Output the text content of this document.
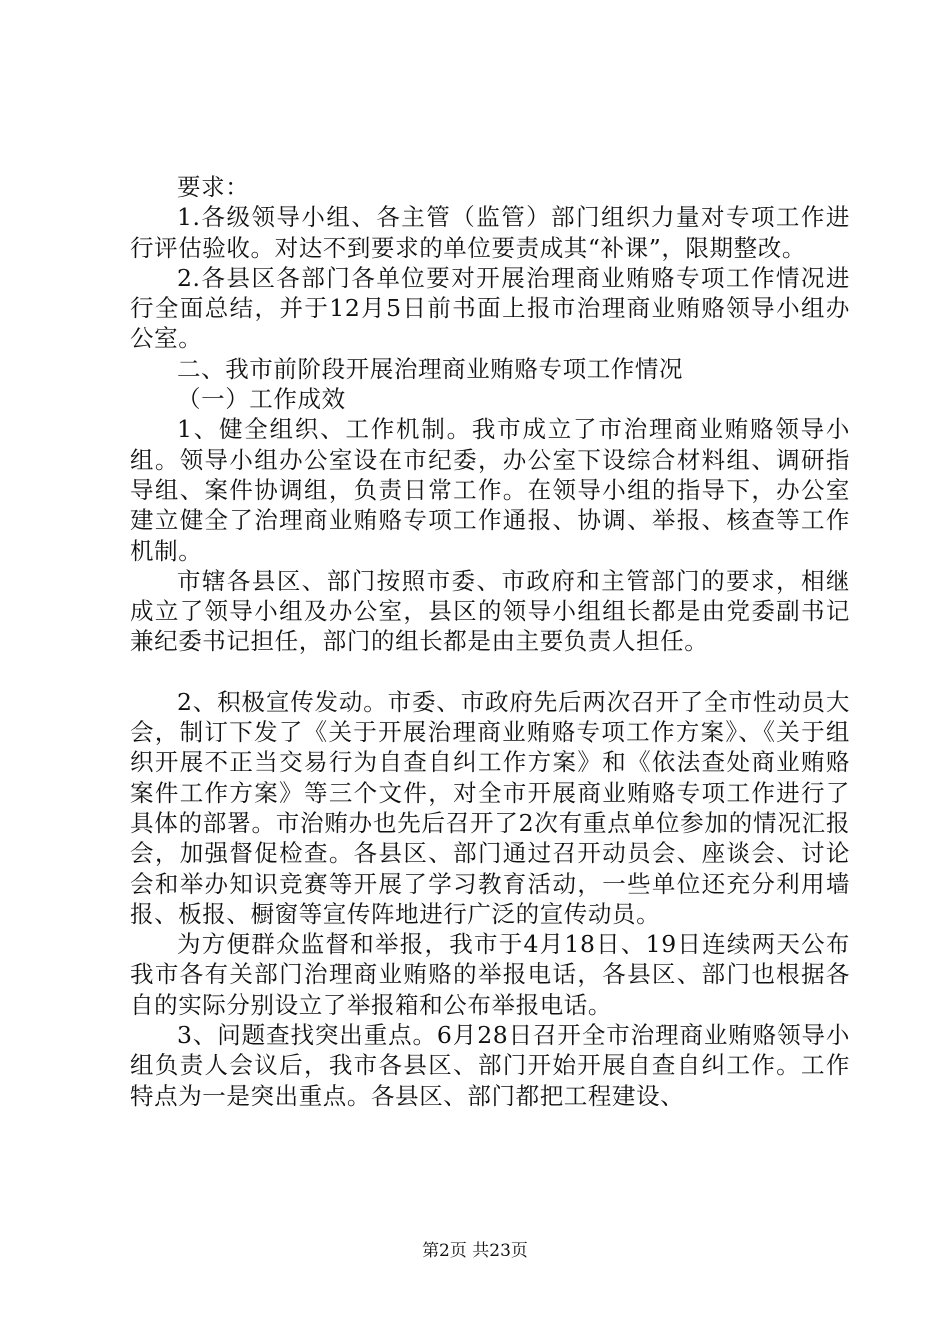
要求：

1.各级领导小组、各主管（监管）部门组织力量对专项工作进行评估验收。对达不到要求的单位要责成其“补课”，限期整改。

2.各县区各部门各单位要对开展治理商业贿赂专项工作情况进行全面总结，并于12月5日前书面上报市治理商业贿赂领导小组办公室。

二、我市前阶段开展治理商业贿赂专项工作情况

（一）工作成效

1、健全组织、工作机制。我市成立了市治理商业贿赂领导小组。领导小组办公室设在市纪委，办公室下设综合材料组、调研指导组、案件协调组，负责日常工作。在领导小组的指导下，办公室建立健全了治理商业贿赂专项工作通报、协调、举报、核查等工作机制。

市辖各县区、部门按照市委、市政府和主管部门的要求，相继成立了领导小组及办公室，县区的领导小组组长都是由党委副书记兼纪委书记担任，部门的组长都是由主要负责人担任。

2、积极宣传发动。市委、市政府先后两次召开了全市性动员大会，制订下发了《关于开展治理商业贿赂专项工作方案》、《关于组织开展不正当交易行为自查自纠工作方案》和《依法查处商业贿赂案件工作方案》等三个文件，对全市开展商业贿赂专项工作进行了具体的部署。市治贿办也先后召开了2次有重点单位参加的情况汇报会，加强督促检查。各县区、部门通过召开动员会、座谈会、讨论会和举办知识竞赛等开展了学习教育活动，一些单位还充分利用墙报、板报、橱窗等宣传阵地进行广泛的宣传动员。

为方便群众监督和举报，我市于4月18日、19日连续两天公布我市各有关部门治理商业贿赂的举报电话，各县区、部门也根据各自的实际分别设立了举报箱和公布举报电话。

3、问题查找突出重点。6月28日召开全市治理商业贿赂领导小组负责人会议后，我市各县区、部门开始开展自查自纠工作。工作特点为一是突出重点。各县区、部门都把工程建设、

第2页 共23页
